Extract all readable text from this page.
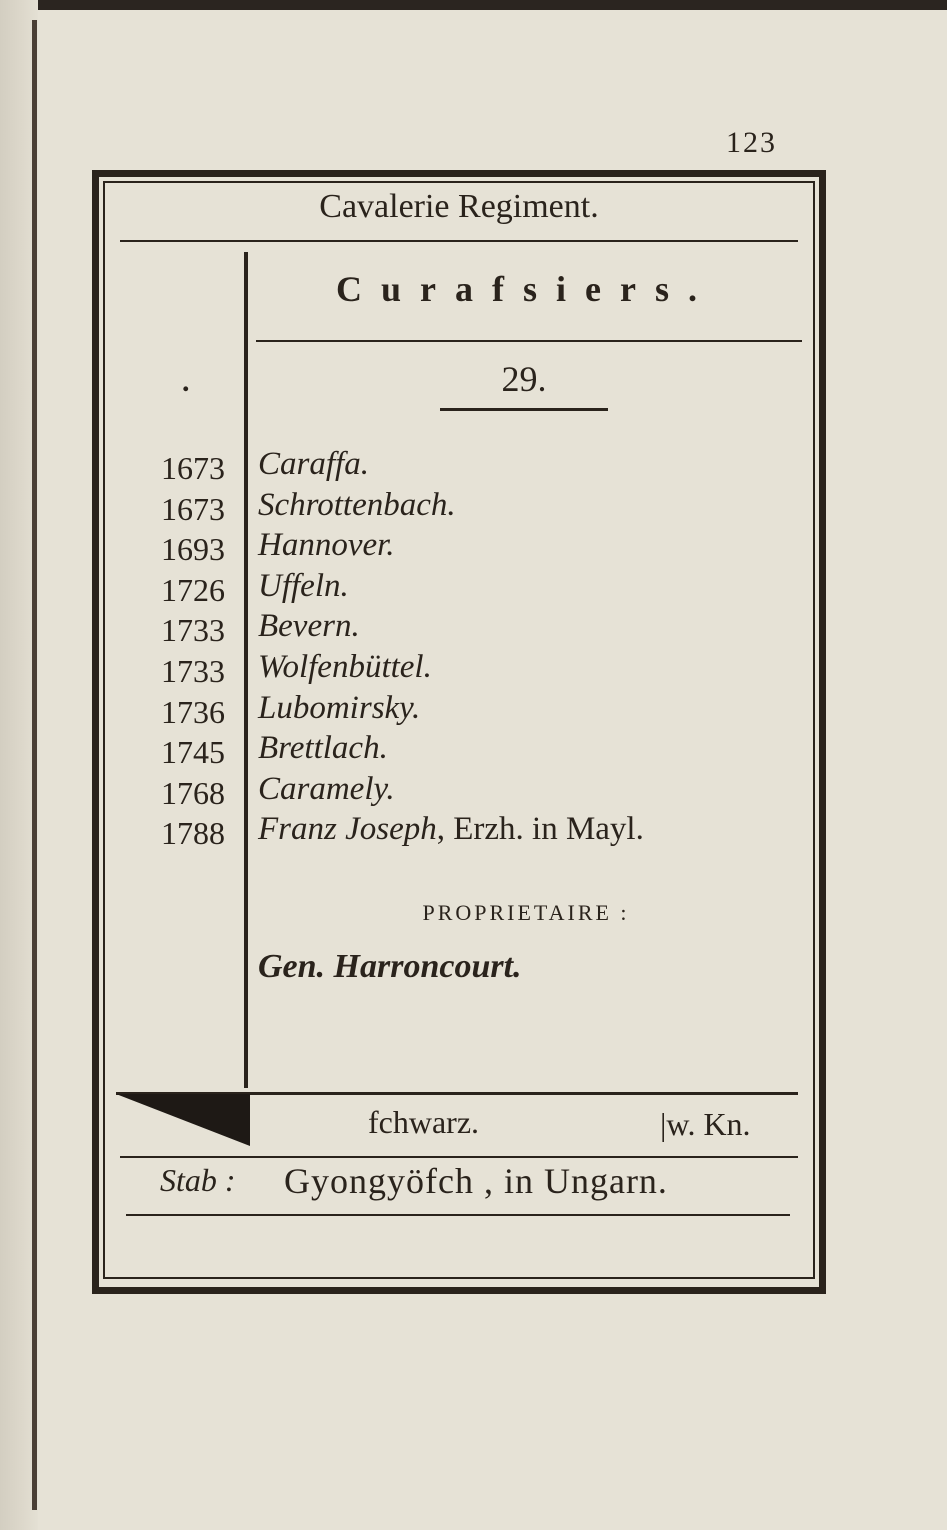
123
Cavalerie Regiment.
Curafsiers.
.	29.
1673
1673
1693
1726
1733
1733
1736
1745
1768
1788
Caraffa.
Schrottenbach.
Hannover.
Uffeln.
Bevern.
Wolfenbüttel.
Lubomirsky.
Brettlach.
Caramely.
Franz Joseph, Erzh. in Mayl.
PROPRIETAIRE :
Gen. Harroncourt.
fchwarz.	|w. Kn.
Stab : Gyongyöfch , in Ungarn.
